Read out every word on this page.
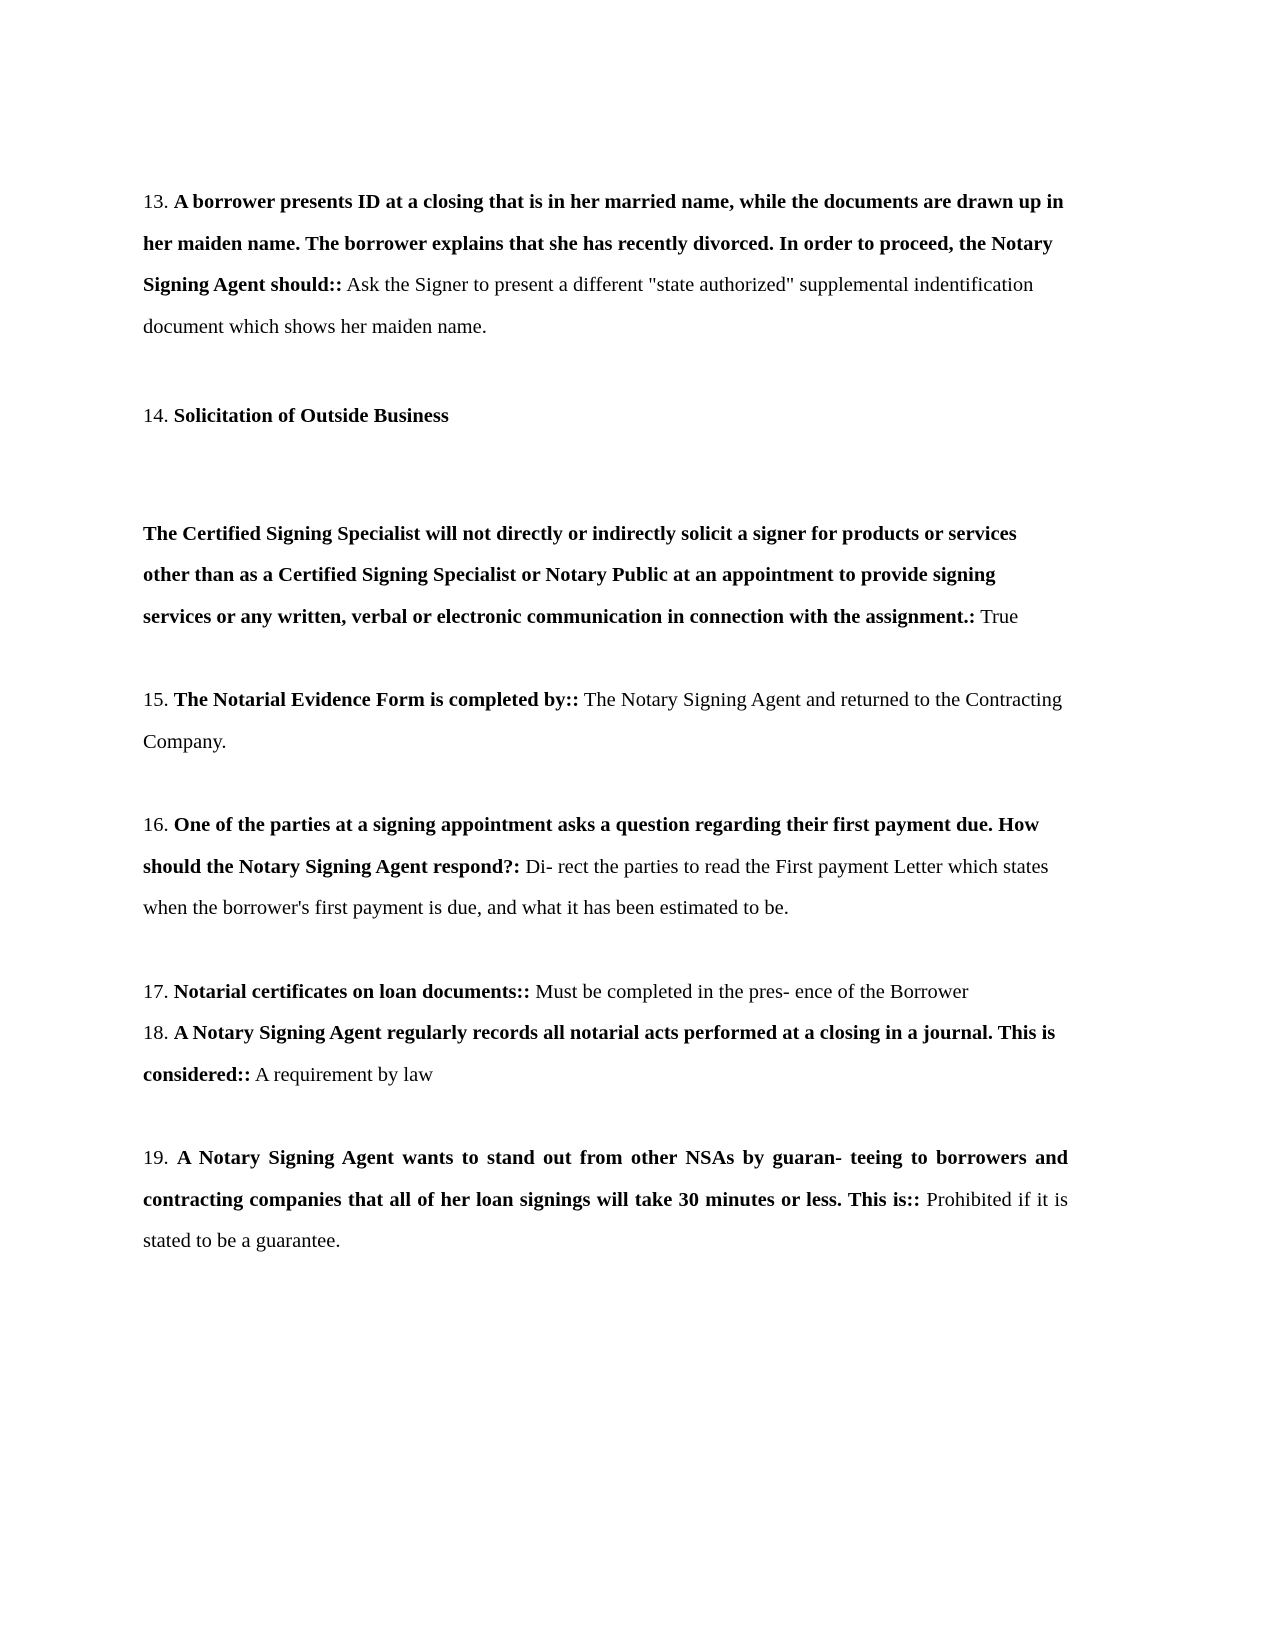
13. A borrower presents ID at a closing that is in her married name, while the documents are drawn up in her maiden name. The borrower explains that she has recently divorced. In order to proceed, the Notary Signing Agent should:: Ask the Signer to present a different "state authorized" supplemental indentification document which shows her maiden name.

14. Solicitation of Outside Business

The Certified Signing Specialist will not directly or indirectly solicit a signer for products or services other than as a Certified Signing Specialist or Notary Public at an appointment to provide signing services or any written, verbal or electronic communication in connection with the assignment.: True

15. The Notarial Evidence Form is completed by:: The Notary Signing Agent and returned to the Contracting Company.

16. One of the parties at a signing appointment asks a question regarding their first payment due. How should the Notary Signing Agent respond?: Di- rect the parties to read the First payment Letter which states when the borrower's first payment is due, and what it has been estimated to be.

17. Notarial certificates on loan documents:: Must be completed in the pres- ence of the Borrower

18. A Notary Signing Agent regularly records all notarial acts performed at a closing in a journal. This is considered:: A requirement by law

19. A Notary Signing Agent wants to stand out from other NSAs by guaran- teeing to borrowers and contracting companies that all of her loan signings will take 30 minutes or less. This is:: Prohibited if it is stated to be a guarantee.
